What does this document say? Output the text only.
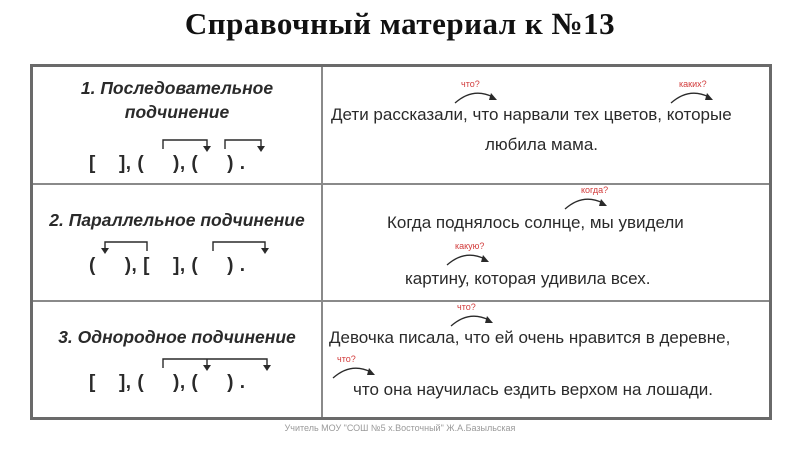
Справочный материал к №13
1. Последовательное
подчинение
[    ], (     ), (     ) .
что?	каких?
Дети рассказали, что нарвали тех цветов, которые
любила мама.
2. Параллельное подчинение
(     ), [    ], (     ) .
когда?
Когда поднялось солнце, мы увидели
какую?
картину, которая удивила всех.
3. Однородное подчинение
[    ], (     ), (     ) .
что?
Девочка писала, что ей очень нравится в деревне,
что?
что она научилась ездить верхом на лошади.
Учитель МОУ "СОШ №5 х.Восточный" Ж.А.Базыльская
